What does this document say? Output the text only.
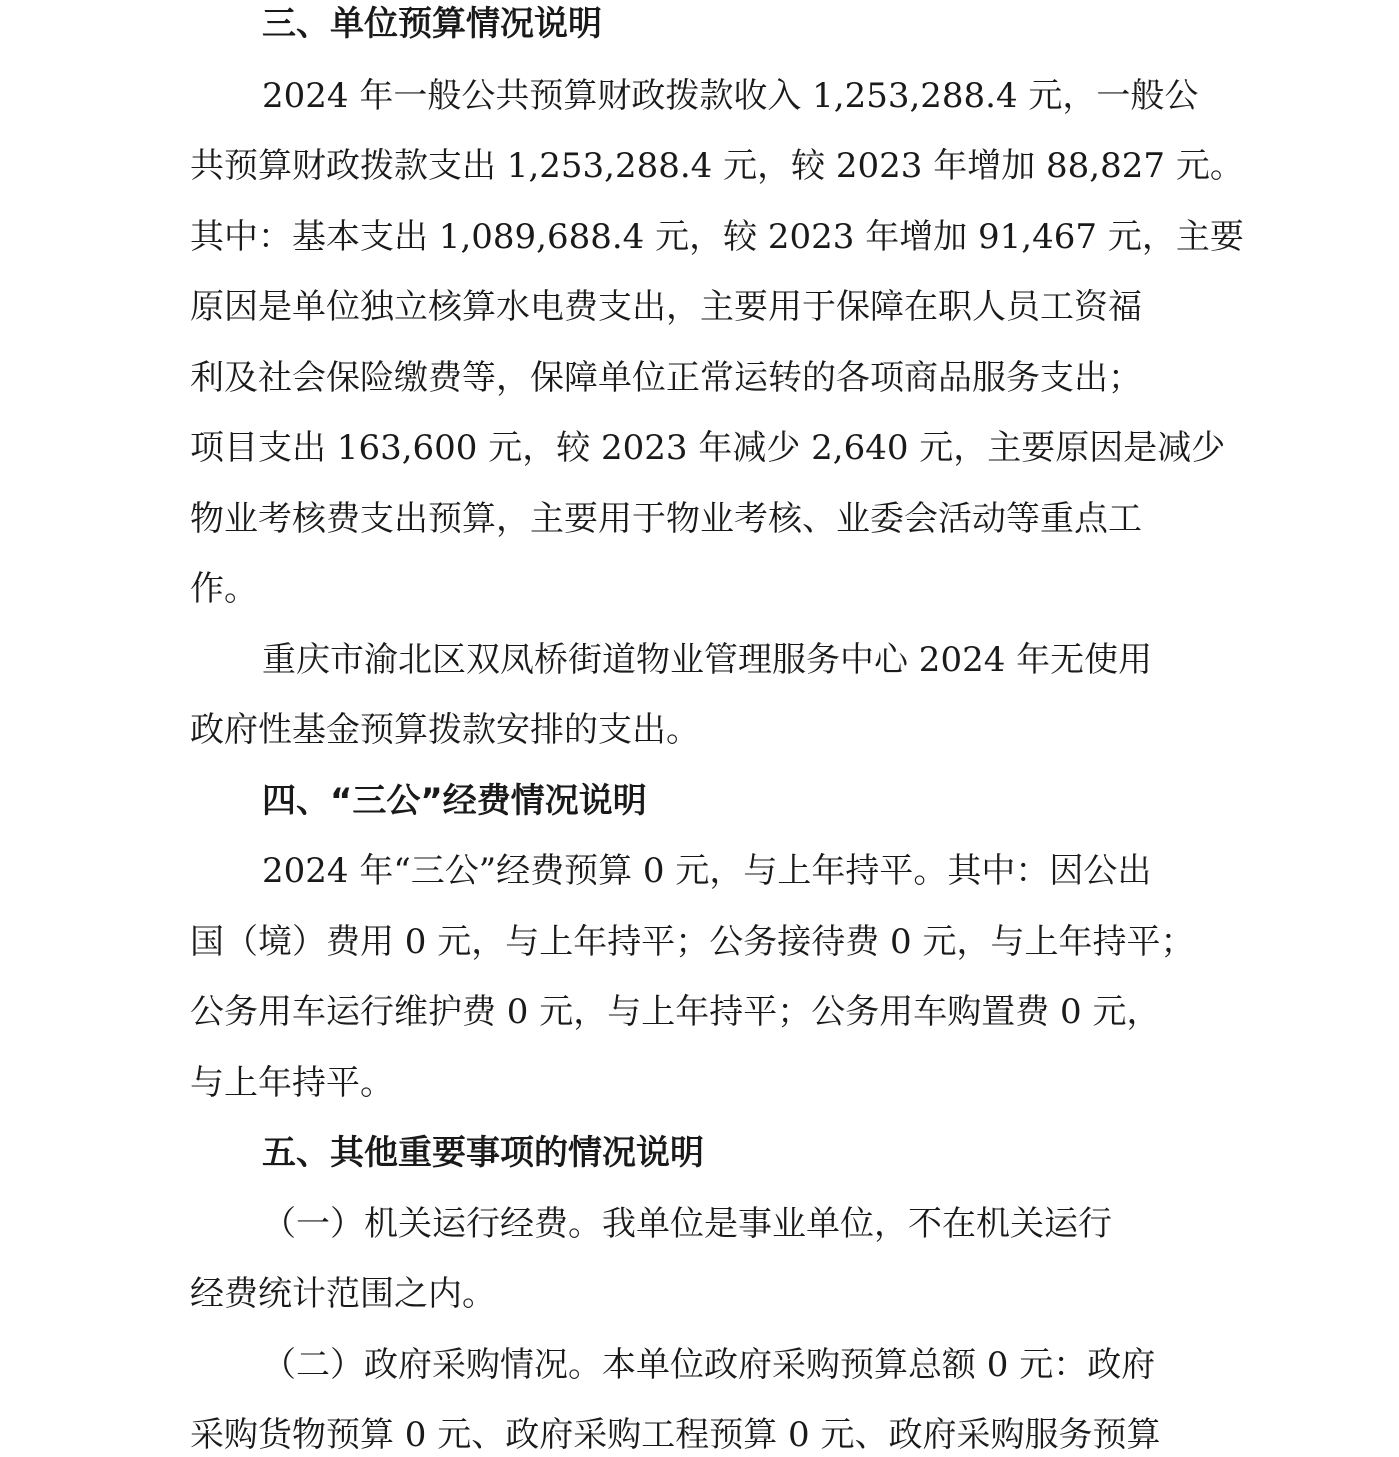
三、单位预算情况说明
2024 年一般公共预算财政拨款收入 1,253,288.4 元，一般公
共预算财政拨款支出 1,253,288.4 元，较 2023 年增加 88,827 元。
其中：基本支出 1,089,688.4 元，较 2023 年增加 91,467 元，主要
原因是单位独立核算水电费支出，主要用于保障在职人员工资福
利及社会保险缴费等，保障单位正常运转的各项商品服务支出；
项目支出 163,600 元，较 2023 年减少 2,640 元，主要原因是减少
物业考核费支出预算，主要用于物业考核、业委会活动等重点工
作。
重庆市渝北区双凤桥街道物业管理服务中心 2024 年无使用
政府性基金预算拨款安排的支出。
四、“三公”经费情况说明
2024 年“三公”经费预算 0 元，与上年持平。其中：因公出
国（境）费用 0 元，与上年持平；公务接待费 0 元，与上年持平；
公务用车运行维护费 0 元，与上年持平；公务用车购置费 0 元，
与上年持平。
五、其他重要事项的情况说明
（一）机关运行经费。我单位是事业单位，不在机关运行
经费统计范围之内。
（二）政府采购情况。本单位政府采购预算总额 0 元：政府
采购货物预算 0 元、政府采购工程预算 0 元、政府采购服务预算
